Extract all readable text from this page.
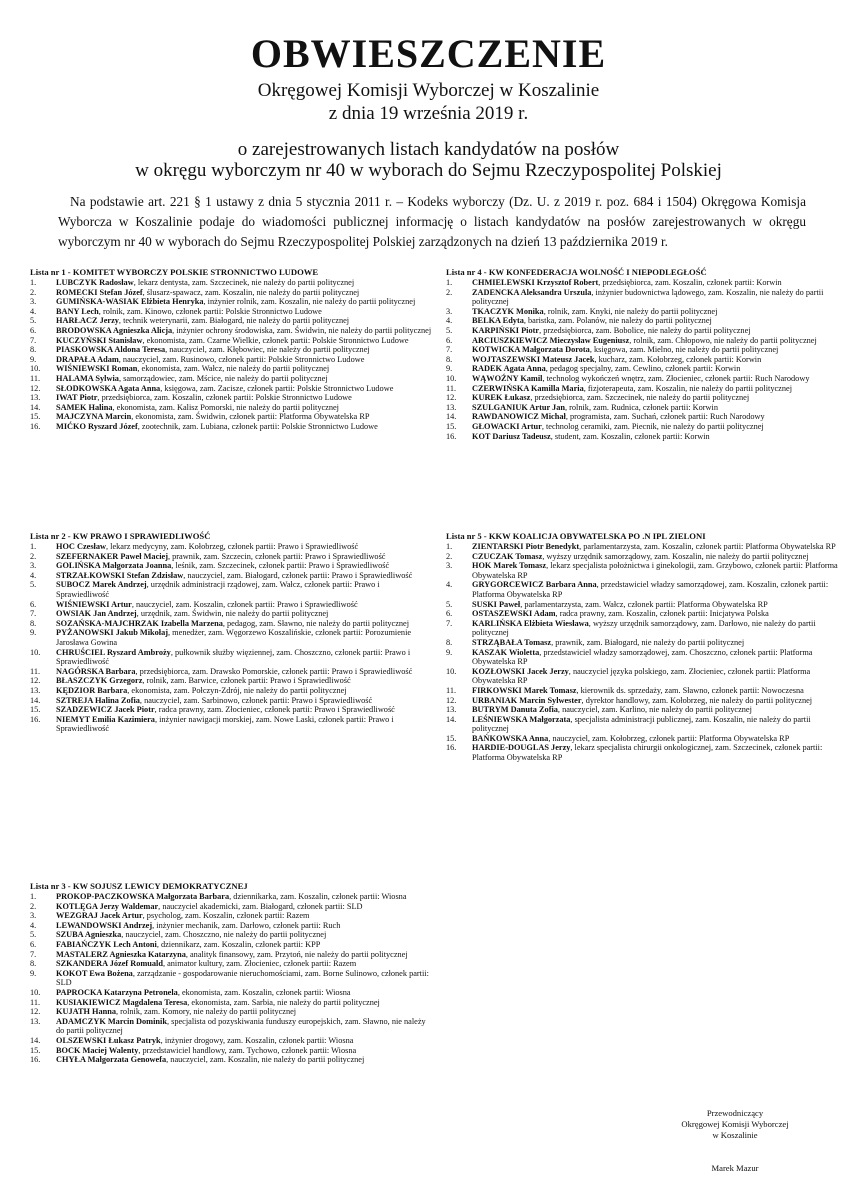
OBWIESZCZENIE
Okręgowej Komisji Wyborczej w Koszalinie
z dnia 19 września 2019 r.
o zarejestrowanych listach kandydatów na posłów
w okręgu wyborczym nr 40 w wyborach do Sejmu Rzeczypospolitej Polskiej
Na podstawie art. 221 § 1 ustawy z dnia 5 stycznia 2011 r. – Kodeks wyborczy (Dz. U. z 2019 r. poz. 684 i 1504) Okręgowa Komisja Wyborcza w Koszalinie podaje do wiadomości publicznej informację o listach kandydatów na posłów zarejestrowanych w okręgu wyborczym nr 40 w wyborach do Sejmu Rzeczypospolitej Polskiej zarządzonych na dzień 13 października 2019 r.
Lista nr 1 - KOMITET WYBORCZY POLSKIE STRONNICTWO LUDOWE
1. LUBCZYK Radosław, lekarz dentysta, zam. Szczecinek, nie należy do partii politycznej
2. ROMECKI Stefan Józef, ślusarz-spawacz, zam. Koszalin, nie należy do partii politycznej
3. GUMIŃSKA-WASIAK Elżbieta Henryka, inżynier rolnik, zam. Koszalin, nie należy do partii politycznej
4. BANY Lech, rolnik, zam. Kinowo, członek partii: Polskie Stronnictwo Ludowe
5. HARŁACZ Jerzy, technik weterynarii, zam. Białogard, nie należy do partii politycznej
6. BRODOWSKA Agnieszka Alicja, inżynier ochrony środowiska, zam. Świdwin, nie należy do partii politycznej
7. KUCZYŃSKI Stanisław, ekonomista, zam. Czarne Wielkie, członek partii: Polskie Stronnictwo Ludowe
8. PIASKOWSKA Aldona Teresa, nauczyciel, zam. Kłębowiec, nie należy do partii politycznej
9. DRAPAŁA Adam, nauczyciel, zam. Rusinowo, członek partii: Polskie Stronnictwo Ludowe
10. WIŚNIEWSKI Roman, ekonomista, zam. Wałcz, nie należy do partii politycznej
11. HALAMA Sylwia, samorządowiec, zam. Mścice, nie należy do partii politycznej
12. SŁODKOWSKA Agata Anna, księgowa, zam. Zacisze, członek partii: Polskie Stronnictwo Ludowe
13. IWAT Piotr, przedsiębiorca, zam. Koszalin, członek partii: Polskie Stronnictwo Ludowe
14. SAMEK Halina, ekonomista, zam. Kalisz Pomorski, nie należy do partii politycznej
15. MAJCZYNA Marcin, ekonomista, zam. Świdwin, członek partii: Platforma Obywatelska RP
16. MIĆKO Ryszard Józef, zootechnik, zam. Lubiana, członek partii: Polskie Stronnictwo Ludowe
Lista nr 2 - KW PRAWO I SPRAWIEDLIWOŚĆ
1. HOC Czesław, lekarz medycyny, zam. Kołobrzeg, członek partii: Prawo i Sprawiedliwość
2. SZEFERNAKER Paweł Maciej, prawnik, zam. Szczecin, członek partii: Prawo i Sprawiedliwość
3. GOLIŃSKA Małgorzata Joanna, leśnik, zam. Szczecinek, członek partii: Prawo i Sprawiedliwość
4. STRZAŁKOWSKI Stefan Zdzisław, nauczyciel, zam. Białogard, członek partii: Prawo i Sprawiedliwość
5. SUBOCZ Marek Andrzej, urzędnik administracji rządowej, zam. Wałcz, członek partii: Prawo i Sprawiedliwość
6. WIŚNIEWSKI Artur, nauczyciel, zam. Koszalin, członek partii: Prawo i Sprawiedliwość
7. OWSIAK Jan Andrzej, urzędnik, zam. Świdwin, nie należy do partii politycznej
8. SOZAŃSKA-MAJCHRZAK Izabella Marzena, pedagog, zam. Sławno, nie należy do partii politycznej
9. PYŻANOWSKI Jakub Mikołaj, menedżer, zam. Węgorzewo Koszalińskie, członek partii: Porozumienie Jarosława Gowina
10. CHRUŚCIEL Ryszard Ambroży, pułkownik służby więziennej, zam. Choszczno, członek partii: Prawo i Sprawiedliwość
11. NAGÓRSKA Barbara, przedsiębiorca, zam. Drawsko Pomorskie, członek partii: Prawo i Sprawiedliwość
12. BŁASZCZYK Grzegorz, rolnik, zam. Barwice, członek partii: Prawo i Sprawiedliwość
13. KĘDZIOR Barbara, ekonomista, zam. Połczyn-Zdrój, nie należy do partii politycznej
14. SZTREJA Halina Zofia, nauczyciel, zam. Sarbinowo, członek partii: Prawo i Sprawiedliwość
15. SZADZEWICZ Jacek Piotr, radca prawny, zam. Złocieniec, członek partii: Prawo i Sprawiedliwość
16. NIEMYT Emilia Kazimiera, inżynier nawigacji morskiej, zam. Nowe Laski, członek partii: Prawo i Sprawiedliwość
Lista nr 3 - KW SOJUSZ LEWICY DEMOKRATYCZNEJ
1. PROKOP-PACZKOWSKA Małgorzata Barbara, dziennikarka, zam. Koszalin, członek partii: Wiosna
2. KOTLĘGA Jerzy Waldemar, nauczyciel akademicki, zam. Białogard, członek partii: SLD
3. WEZGRAJ Jacek Artur, psycholog, zam. Koszalin, członek partii: Razem
4. LEWANDOWSKI Andrzej, inżynier mechanik, zam. Darłowo, członek partii: Ruch
5. SZUBA Agnieszka, nauczyciel, zam. Choszczno, nie należy do partii politycznej
6. FABIAŃCZYK Lech Antoni, dziennikarz, zam. Koszalin, członek partii: KPP
7. MASTALERZ Agnieszka Katarzyna, analityk finansowy, zam. Przytoń, nie należy do partii politycznej
8. SZKANDERA Józef Romuald, animator kultury, zam. Złocieniec, członek partii: Razem
9. KOKOT Ewa Bożena, zarządzanie - gospodarowanie nieruchomościami, zam. Borne Sulinowo, członek partii: SLD
10. PAPROCKA Katarzyna Petronela, ekonomista, zam. Koszalin, członek partii: Wiosna
11. KUSIAKIEWICZ Magdalena Teresa, ekonomista, zam. Sarbia, nie należy do partii politycznej
12. KUJATH Hanna, rolnik, zam. Komory, nie należy do partii politycznej
13. ADAMCZYK Marcin Dominik, specjalista od pozyskiwania funduszy europejskich, zam. Sławno, nie należy do partii politycznej
14. OLSZEWSKI Łukasz Patryk, inżynier drogowy, zam. Koszalin, członek partii: Wiosna
15. BOCK Maciej Walenty, przedstawiciel handlowy, zam. Tychowo, członek partii: Wiosna
16. CHYŁA Małgorzata Genowefa, nauczyciel, zam. Koszalin, nie należy do partii politycznej
Lista nr 4 - KW KONFEDERACJA WOLNOŚĆ I NIEPODLEGŁOŚĆ
1. CHMIELEWSKI Krzysztof Robert, przedsiębiorca, zam. Koszalin, członek partii: Korwin
2. ZADENCKA Aleksandra Urszula, inżynier budownictwa lądowego, zam. Koszalin, nie należy do partii politycznej
3. TKACZYK Monika, rolnik, zam. Knyki, nie należy do partii politycznej
4. BELKA Edyta, baristka, zam. Polanów, nie należy do partii politycznej
5. KARPIŃSKI Piotr, przedsiębiorca, zam. Bobolice, nie należy do partii politycznej
6. ARCIUSZKIEWICZ Mieczysław Eugeniusz, rolnik, zam. Chłopowo, nie należy do partii politycznej
7. KOTWICKA Małgorzata Dorota, księgowa, zam. Mielno, nie należy do partii politycznej
8. WOJTASZEWSKI Mateusz Jacek, kucharz, zam. Kołobrzeg, członek partii: Korwin
9. RADEK Agata Anna, pedagog specjalny, zam. Cewlino, członek partii: Korwin
10. WĄWOŹNY Kamil, technolog wykończeń wnętrz, zam. Złocieniec, członek partii: Ruch Narodowy
11. CZERWIŃSKA Kamilla Maria, fizjoterapeuta, zam. Koszalin, nie należy do partii politycznej
12. KUREK Łukasz, przedsiębiorca, zam. Szczecinek, nie należy do partii politycznej
13. SZULGANIUK Artur Jan, rolnik, zam. Rudnica, członek partii: Korwin
14. RAWDANOWICZ Michał, programista, zam. Suchań, członek partii: Ruch Narodowy
15. GŁOWACKI Artur, technolog ceramiki, zam. Piecnik, nie należy do partii politycznej
16. KOT Dariusz Tadeusz, student, zam. Koszalin, członek partii: Korwin
Lista nr 5 - KKW KOALICJA OBYWATELSKA PO .N IPL ZIELONI
1. ZIENTARSKI Piotr Benedykt, parlamentarzysta, zam. Koszalin, członek partii: Platforma Obywatelska RP
2. CZUCZAK Tomasz, wyższy urzędnik samorządowy, zam. Koszalin, nie należy do partii politycznej
3. HOK Marek Tomasz, lekarz specjalista położnictwa i ginekologii, zam. Grzybowo, członek partii: Platforma Obywatelska RP
4. GRYGORCEWICZ Barbara Anna, przedstawiciel władzy samorządowej, zam. Koszalin, członek partii: Platforma Obywatelska RP
5. SUSKI Paweł, parlamentarzysta, zam. Wałcz, członek partii: Platforma Obywatelska RP
6. OSTASZEWSKI Adam, radca prawny, zam. Koszalin, członek partii: Inicjatywa Polska
7. KARLIŃSKA Elżbieta Wiesława, wyższy urzędnik samorządowy, zam. Darłowo, nie należy do partii politycznej
8. STRZĄBAŁA Tomasz, prawnik, zam. Białogard, nie należy do partii politycznej
9. KASZAK Wioletta, przedstawiciel władzy samorządowej, zam. Choszczno, członek partii: Platforma Obywatelska RP
10. KOZŁOWSKI Jacek Jerzy, nauczyciel języka polskiego, zam. Złocieniec, członek partii: Platforma Obywatelska RP
11. FIRKOWSKI Marek Tomasz, kierownik ds. sprzedaży, zam. Sławno, członek partii: Nowoczesna
12. URBANIAK Marcin Sylwester, dyrektor handlowy, zam. Kołobrzeg, nie należy do partii politycznej
13. BUTRYM Danuta Zofia, nauczyciel, zam. Karlino, nie należy do partii politycznej
14. LEŚNIEWSKA Małgorzata, specjalista administracji publicznej, zam. Koszalin, nie należy do partii politycznej
15. BAŃKOWSKA Anna, nauczyciel, zam. Kołobrzeg, członek partii: Platforma Obywatelska RP
16. HARDIE-DOUGLAS Jerzy, lekarz specjalista chirurgii onkologicznej, zam. Szczecinek, członek partii: Platforma Obywatelska RP
Przewodniczący
Okręgowej Komisji Wyborczej
w Koszalinie
Marek Mazur
